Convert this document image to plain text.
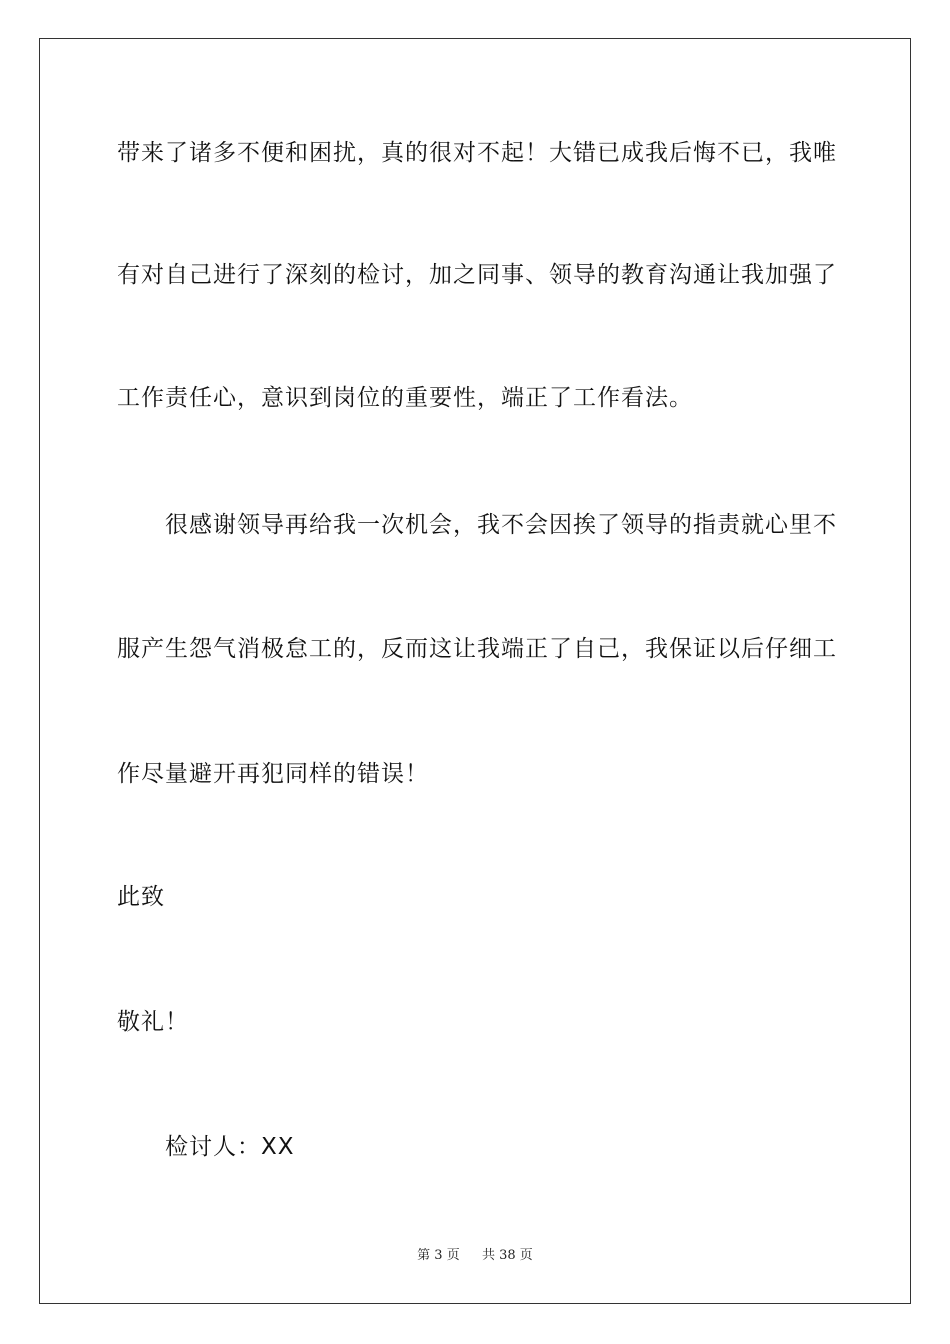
带来了诸多不便和困扰，真的很对不起！大错已成我后悔不已，我唯
有对自己进行了深刻的检讨，加之同事、领导的教育沟通让我加强了
工作责任心，意识到岗位的重要性，端正了工作看法。
很感谢领导再给我一次机会，我不会因挨了领导的指责就心里不
服产生怨气消极怠工的，反而这让我端正了自己，我保证以后仔细工
作尽量避开再犯同样的错误！
此致
敬礼！
检讨人：XX
第 3 页 共 38 页
